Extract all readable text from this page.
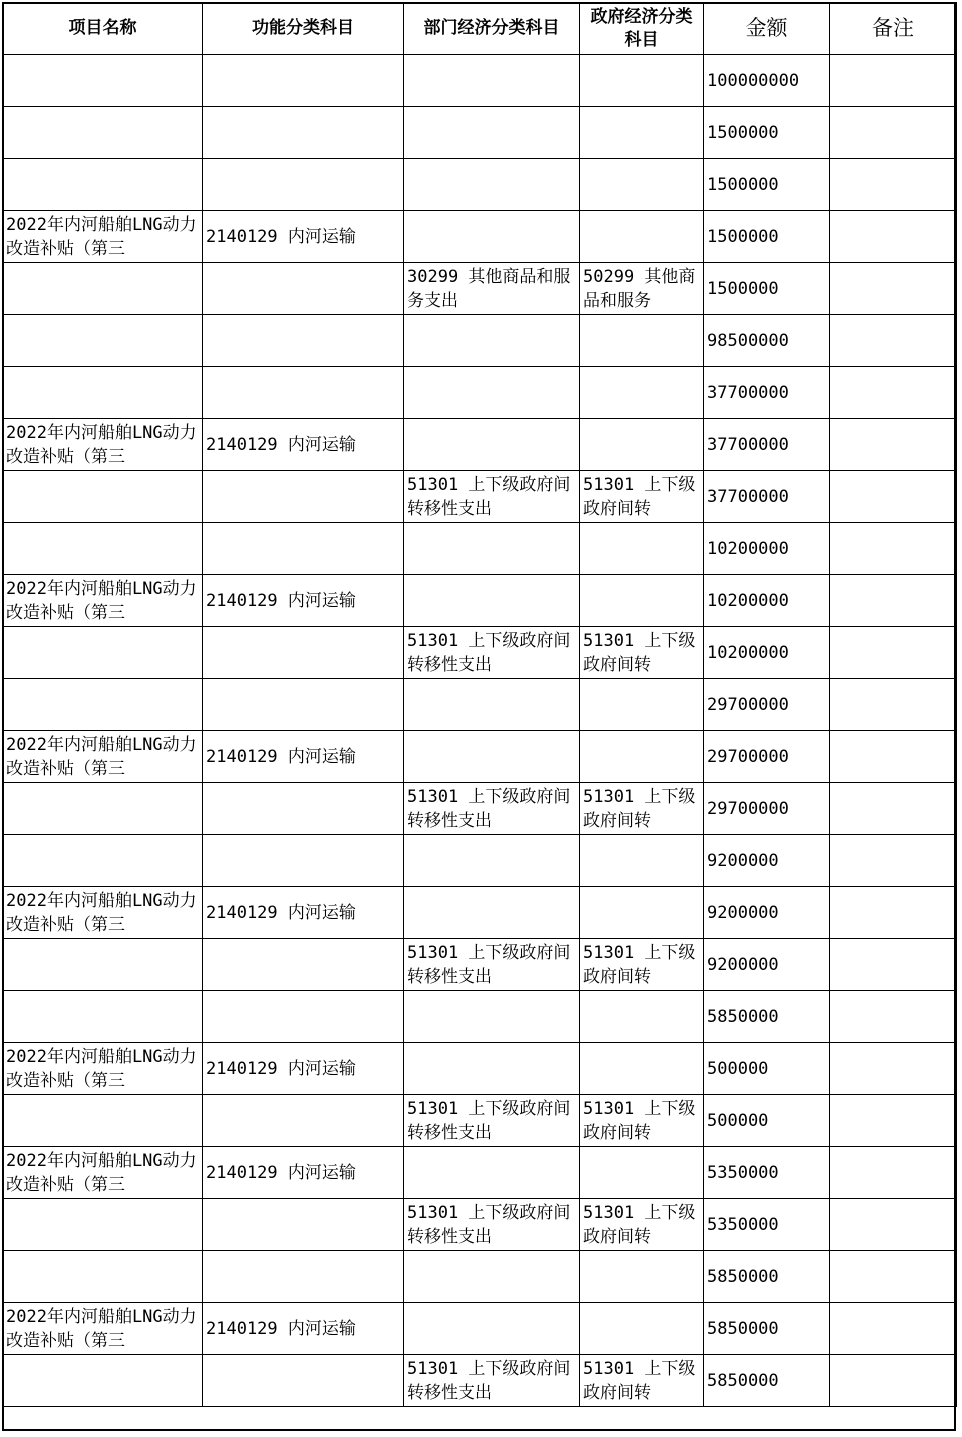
项目名称	功能分类科目	部门经济分类科目	政府经济分类科目	金额	备注

				100000000	

				1500000	

				1500000	

2022年内河船舶LNG动力改造补贴（第三	2140129 内河运输			1500000	

		30299 其他商品和服务支出	50299 其他商品和服务	1500000	

				98500000	

				37700000	

2022年内河船舶LNG动力改造补贴（第三	2140129 内河运输			37700000	

		51301 上下级政府间转移性支出	51301 上下级政府间转	37700000	

				10200000	

2022年内河船舶LNG动力改造补贴（第三	2140129 内河运输			10200000	

		51301 上下级政府间转移性支出	51301 上下级政府间转	10200000	

				29700000	

2022年内河船舶LNG动力改造补贴（第三	2140129 内河运输			29700000	

		51301 上下级政府间转移性支出	51301 上下级政府间转	29700000	

				9200000	

2022年内河船舶LNG动力改造补贴（第三	2140129 内河运输			9200000	

		51301 上下级政府间转移性支出	51301 上下级政府间转	9200000	

				5850000	

2022年内河船舶LNG动力改造补贴（第三	2140129 内河运输			500000	

		51301 上下级政府间转移性支出	51301 上下级政府间转	500000	

2022年内河船舶LNG动力改造补贴（第三	2140129 内河运输			5350000	

		51301 上下级政府间转移性支出	51301 上下级政府间转	5350000	

				5850000	

2022年内河船舶LNG动力改造补贴（第三	2140129 内河运输			5850000	

		51301 上下级政府间转移性支出	51301 上下级政府间转	5850000	
